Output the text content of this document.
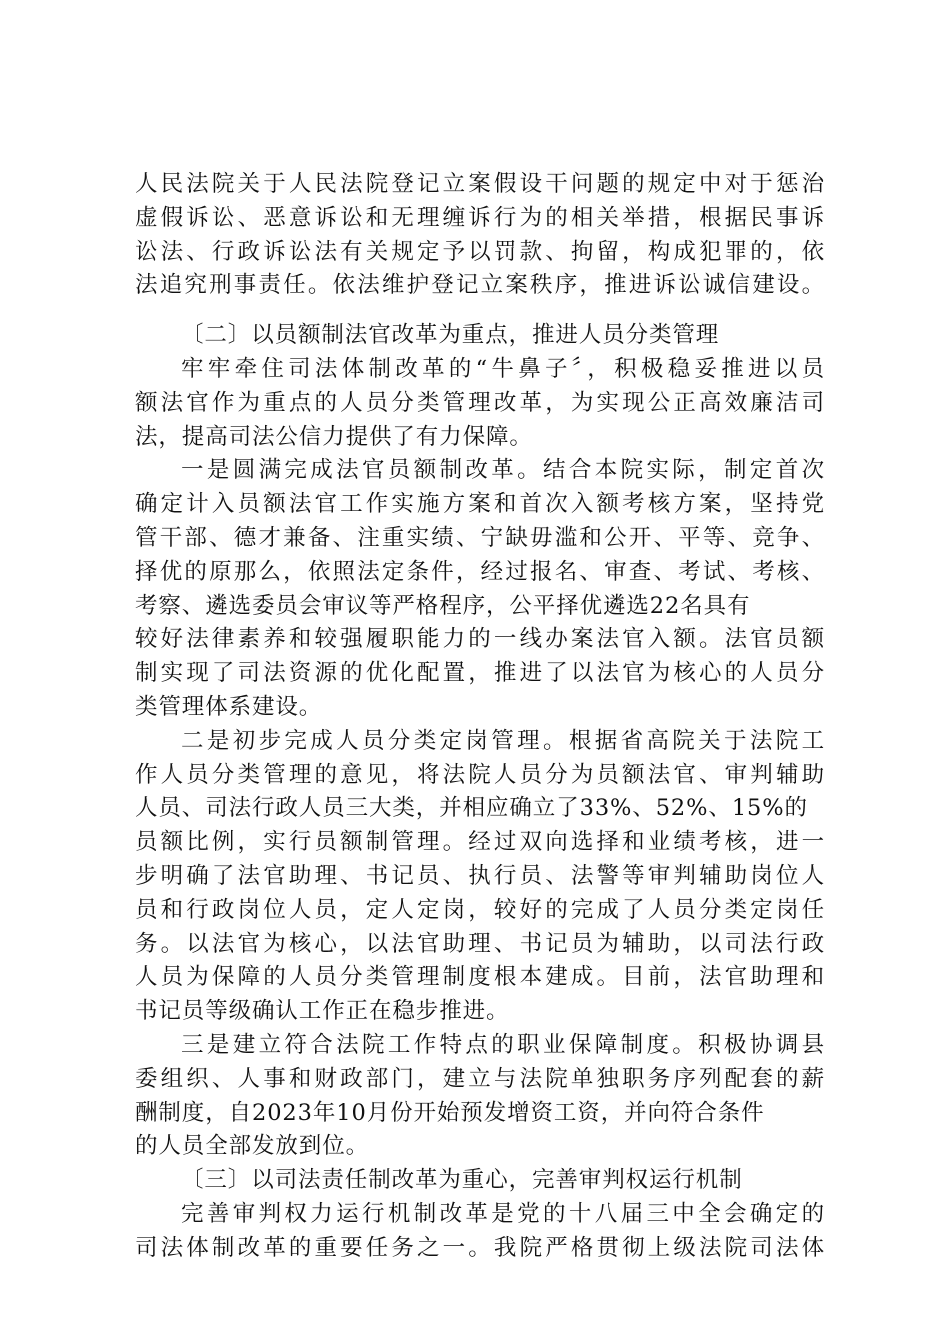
人民法院关于人民法院登记立案假设干问题的规定中对于惩治
虚假诉讼、恶意诉讼和无理缠诉行为的相关举措，根据民事诉
讼法、行政诉讼法有关规定予以罚款、拘留，构成犯罪的，依
法追究刑事责任。依法维护登记立案秩序，推进诉讼诚信建设。
〔二〕以员额制法官改革为重点，推进人员分类管理
牢牢牵住司法体制改革的“牛鼻子〞，积极稳妥推进以员
额法官作为重点的人员分类管理改革，为实现公正高效廉洁司
法，提高司法公信力提供了有力保障。
一是圆满完成法官员额制改革。结合本院实际，制定首次
确定计入员额法官工作实施方案和首次入额考核方案，坚持党
管干部、德才兼备、注重实绩、宁缺毋滥和公开、平等、竞争、
择优的原那么，依照法定条件，经过报名、审查、考试、考核、
考察、遴选委员会审议等严格程序，公平择优遴选22名具有
较好法律素养和较强履职能力的一线办案法官入额。法官员额
制实现了司法资源的优化配置，推进了以法官为核心的人员分
类管理体系建设。
二是初步完成人员分类定岗管理。根据省高院关于法院工
作人员分类管理的意见，将法院人员分为员额法官、审判辅助
人员、司法行政人员三大类，并相应确立了33%、52%、15%的
员额比例，实行员额制管理。经过双向选择和业绩考核，进一
步明确了法官助理、书记员、执行员、法警等审判辅助岗位人
员和行政岗位人员，定人定岗，较好的完成了人员分类定岗任
务。以法官为核心，以法官助理、书记员为辅助，以司法行政
人员为保障的人员分类管理制度根本建成。目前，法官助理和
书记员等级确认工作正在稳步推进。
三是建立符合法院工作特点的职业保障制度。积极协调县
委组织、人事和财政部门，建立与法院单独职务序列配套的薪
酬制度，自2023年10月份开始预发增资工资，并向符合条件
的人员全部发放到位。
〔三〕以司法责任制改革为重心，完善审判权运行机制
完善审判权力运行机制改革是党的十八届三中全会确定的
司法体制改革的重要任务之一。我院严格贯彻上级法院司法体
